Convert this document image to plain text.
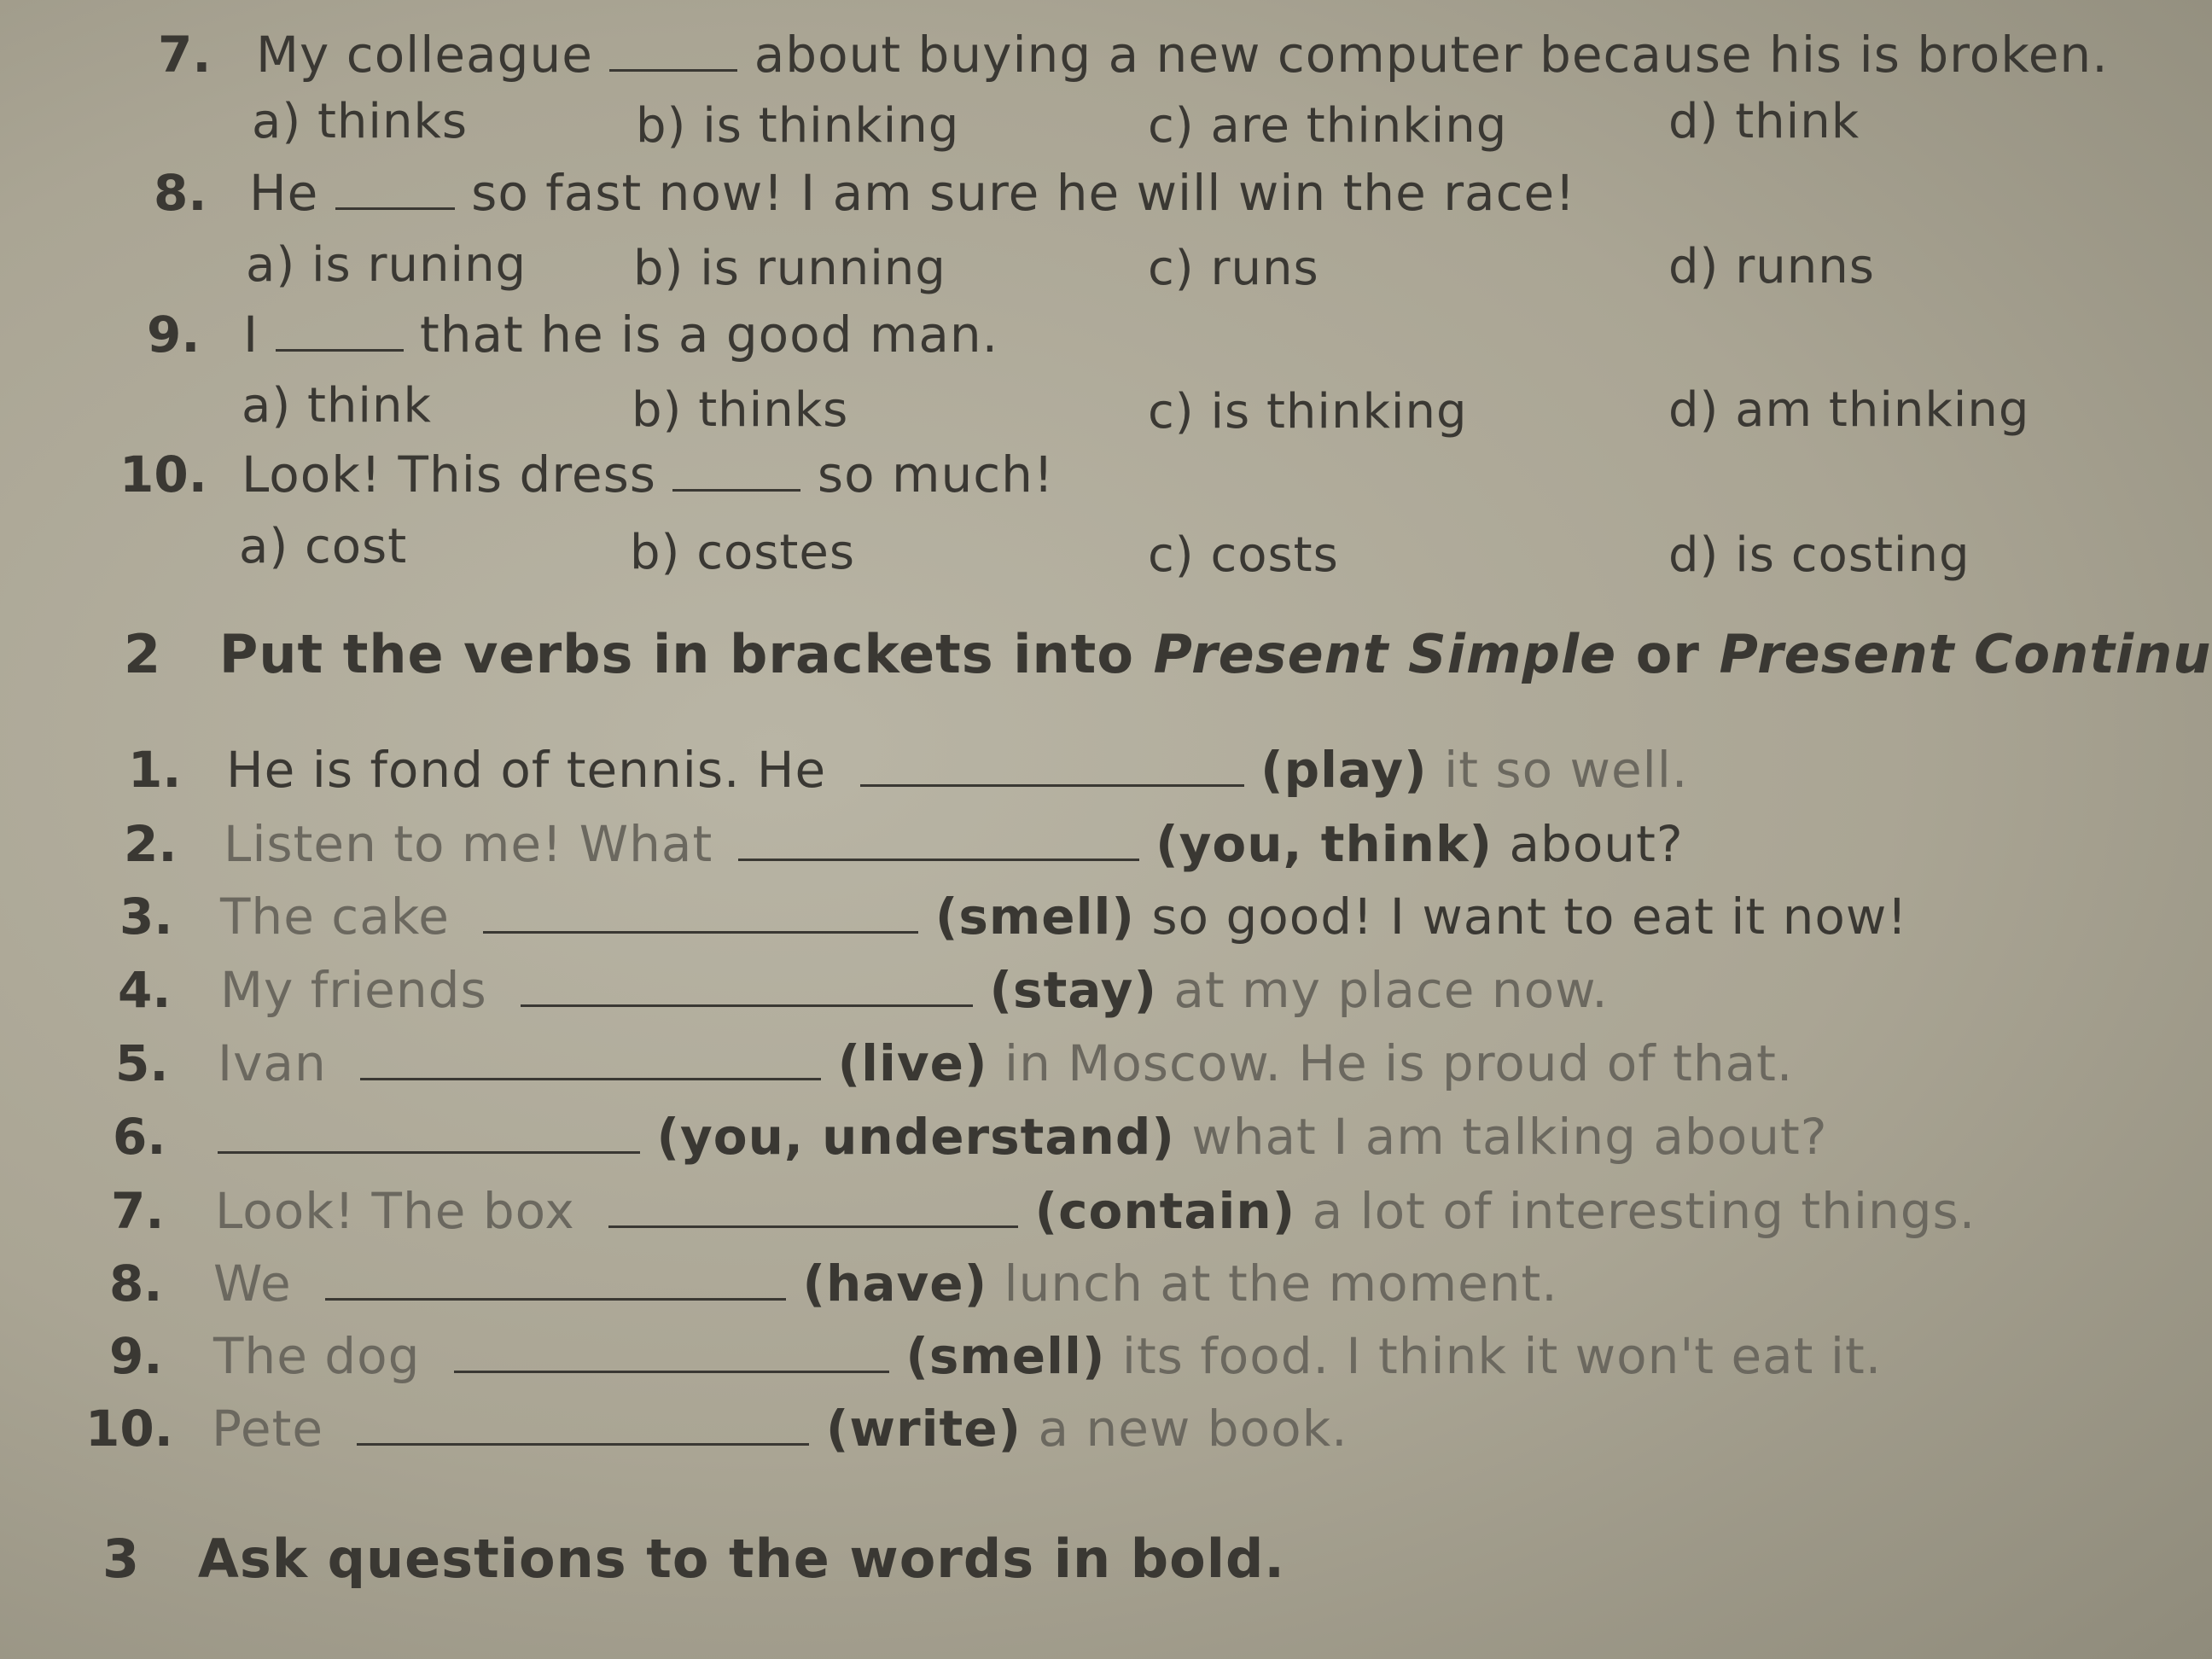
7. My colleague	about buying a new computer because his is broken.
a) thinks	b) is thinking	c) are thinking	d) think
8. He	so fast now! I am sure he will win the race!
a) is runing b) is running	c) runs	d) runns
9. I	that he is a good man.
a) think	b) thinks	c) is thinking	d) am thinking
10. Look! This dress	so much!
a) cost	b) costes	c) costs	d) is costing
2 Put the verbs in brackets into Present Simple or Present Continu
1. He is fond of tennis. He	(play) it so well.
2. Listen to me! What	(you, think) about?
3. The cake	(smell) so good! I want to eat it now!
4. My friends	(stay) at my place now.
5. Ivan	(live) in Moscow. He is proud of that.
6.	(you, understand) what I am talking about?
7. Look! The box	(contain) a lot of interesting things.
8. We	(have) lunch at the moment.
9. The dog	(smell) its food. I think it won't eat it.
10. Pete	(write) a new book.
3 Ask questions to the words in bold.
